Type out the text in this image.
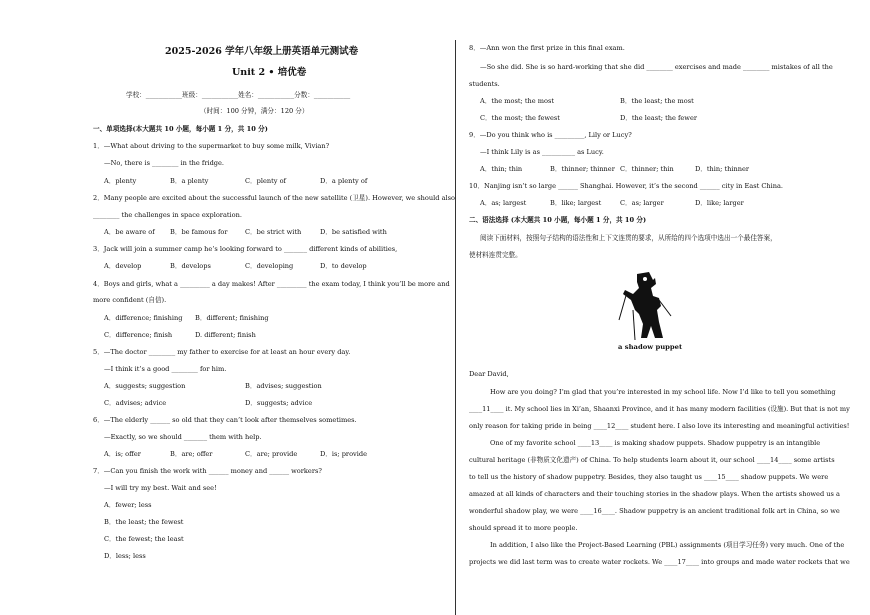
2025-2026 学年八年级上册英语单元测试卷
Unit 2 • 培优卷
学校：___________班级：___________姓名：___________分数：___________
（时间：100 分钟，满分：120 分）
一、单项选择(本大题共 10 小题，每小题 1 分，共 10 分)
1．—What about driving to the supermarket to buy some milk, Vivian?
—No, there is ________ in the fridge.
A．plenty	B．a plenty	C．plenty of	D．a plenty of
2．Many people are excited about the successful launch of the new satellite (卫星). However, we should also
________ the challenges in space exploration.
A．be aware of B．be famous for	C．be strict with	D．be satisfied with
3．Jack will join a summer camp he’s looking forward to _______ different kinds of abilities,
A．develop	B．develops	C．developing	D．to develop
4．Boys and girls, what a _________ a day makes! After _________ the exam today, I think you’ll be more and
more confident (自信).
A．difference; finishing B．different; finishing
C．difference; finish	D. different; finish
5．—The doctor ________ my father to exercise for at least an hour every day.
—I think it’s a good ________ for him.
A．suggests; suggestion	B．advises; suggestion
C．advises; advice	D．suggests; advice
6．—The elderly ______ so old that they can’t look after themselves sometimes.
—Exactly, so we should _______ them with help.
A．is; offer	B．are; offer	C．are; provide	D．is; provide
7．—Can you finish the work with ______ money and ______ workers?
—I will try my best. Wait and see!
A．fewer; less
B．the least; the fewest
C．the fewest; the least
D．less; less
8．—Ann won the first prize in this final exam.
—So she did. She is so hard-working that she did ________ exercises and made ________ mistakes of all the
students.
A．the most; the most	B．the least; the most
C．the most; the fewest	D．the least; the fewer
9．—Do you think who is _________, Lily or Lucy?
—I think Lily is as __________ as Lucy.
A．thin; thin	B．thinner; thinner C．thinner; thin	D．thin; thinner
10．Nanjing isn’t so large ______ Shanghai. However, it’s the second ______ city in East China.
A．as; largest	B．like; largest	C．as; larger	D．like; larger
二、语法选择 (本大题共 10 小题，每小题 1 分，共 10 分)
阅读下面材料，按照句子结构的语法性和上下文连贯的要求，从所给的四个选项中选出一个最佳答案，
使材料连贯完整。
a shadow puppet
Dear David,
How are you doing? I’m glad that you’re interested in my school life. Now I’d like to tell you something
____11____ it. My school lies in Xi’an, Shaanxi Province, and it has many modern facilities (设施). But that is not my
only reason for taking pride in being ____12____ student here. I also love its interesting and meaningful activities!
One of my favorite school ____13____ is making shadow puppets. Shadow puppetry is an intangible
cultural heritage (非物质文化遗产) of China. To help students learn about it, our school ____14____ some artists
to tell us the history of shadow puppetry. Besides, they also taught us ____15____ shadow puppets. We were
amazed at all kinds of characters and their touching stories in the shadow plays. When the artists showed us a
wonderful shadow play, we were ____16____. Shadow puppetry is an ancient traditional folk art in China, so we
should spread it to more people.
In addition, I also like the Project-Based Learning (PBL) assignments (项目学习任务) very much. One of the
projects we did last term was to create water rockets. We ____17____ into groups and made water rockets that we
